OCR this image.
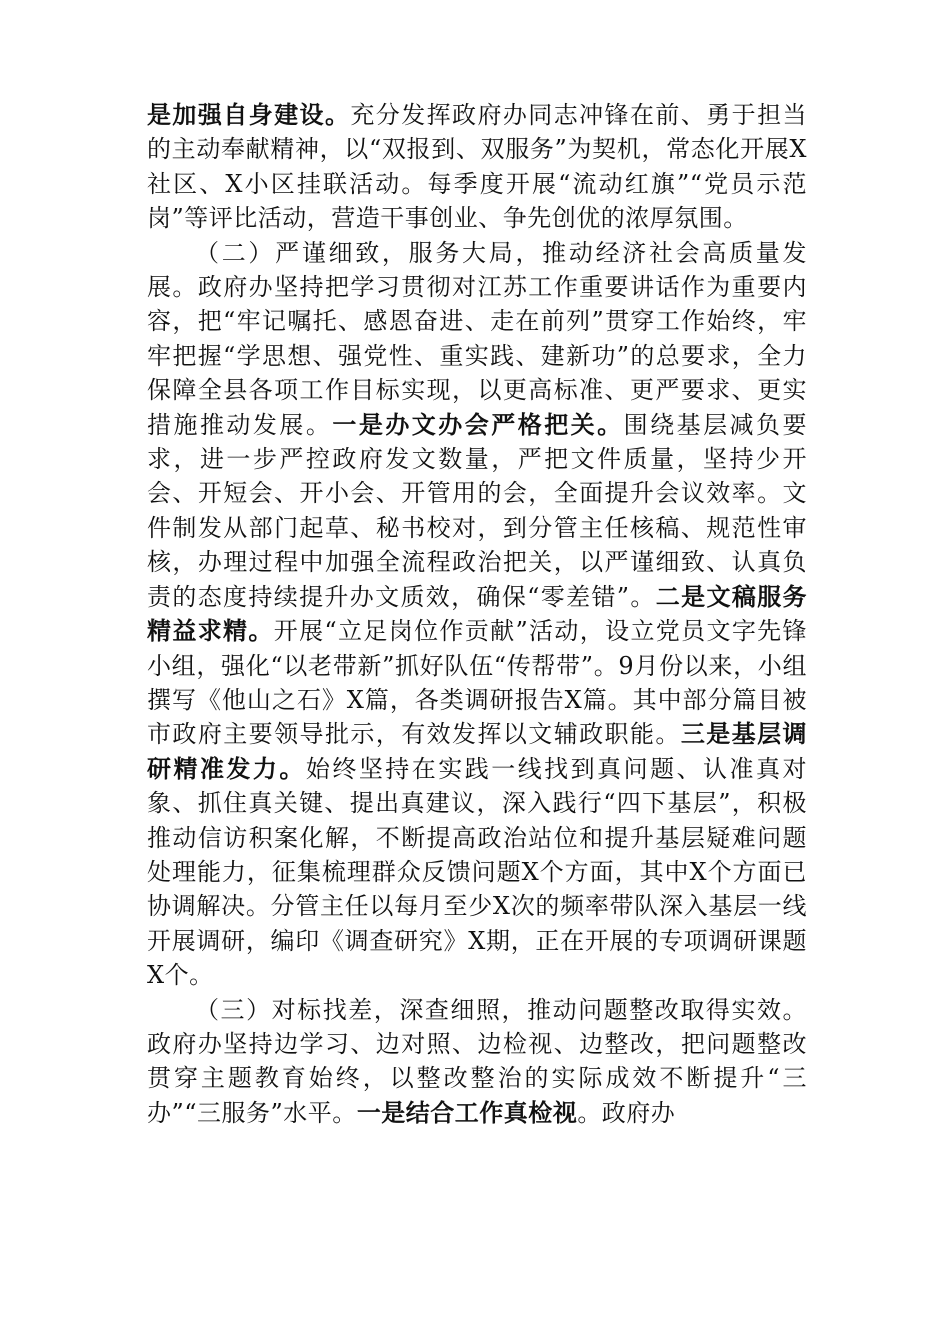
是加强自身建设。充分发挥政府办同志冲锋在前、勇于担当的主动奉献精神，以“双报到、双服务”为契机，常态化开展X社区、X小区挂联活动。每季度开展“流动红旗”“党员示范岗”等评比活动，营造干事创业、争先创优的浓厚氛围。

（二）严谨细致，服务大局，推动经济社会高质量发展。政府办坚持把学习贯彻对江苏工作重要讲话作为重要内容，把“牢记嘱托、感恩奋进、走在前列”贯穿工作始终，牢牢把握“学思想、强党性、重实践、建新功”的总要求，全力保障全县各项工作目标实现，以更高标准、更严要求、更实措施推动发展。一是办文办会严格把关。围绕基层减负要求，进一步严控政府发文数量，严把文件质量，坚持少开会、开短会、开小会、开管用的会，全面提升会议效率。文件制发从部门起草、秘书校对，到分管主任核稿、规范性审核，办理过程中加强全流程政治把关，以严谨细致、认真负责的态度持续提升办文质效，确保“零差错”。二是文稿服务精益求精。开展“立足岗位作贡献”活动，设立党员文字先锋小组，强化“以老带新”抓好队伍“传帮带”。9月份以来，小组撰写《他山之石》X篇，各类调研报告X篇。其中部分篇目被市政府主要领导批示，有效发挥以文辅政职能。三是基层调研精准发力。始终坚持在实践一线找到真问题、认准真对象、抓住真关键、提出真建议，深入践行“四下基层”，积极推动信访积案化解，不断提高政治站位和提升基层疑难问题处理能力，征集梳理群众反馈问题X个方面，其中X个方面已协调解决。分管主任以每月至少X次的频率带队深入基层一线开展调研，编印《调查研究》X期，正在开展的专项调研课题X个。

（三）对标找差，深查细照，推动问题整改取得实效。政府办坚持边学习、边对照、边检视、边整改，把问题整改贯穿主题教育始终，以整改整治的实际成效不断提升“三办”“三服务”水平。一是结合工作真检视。政府办
